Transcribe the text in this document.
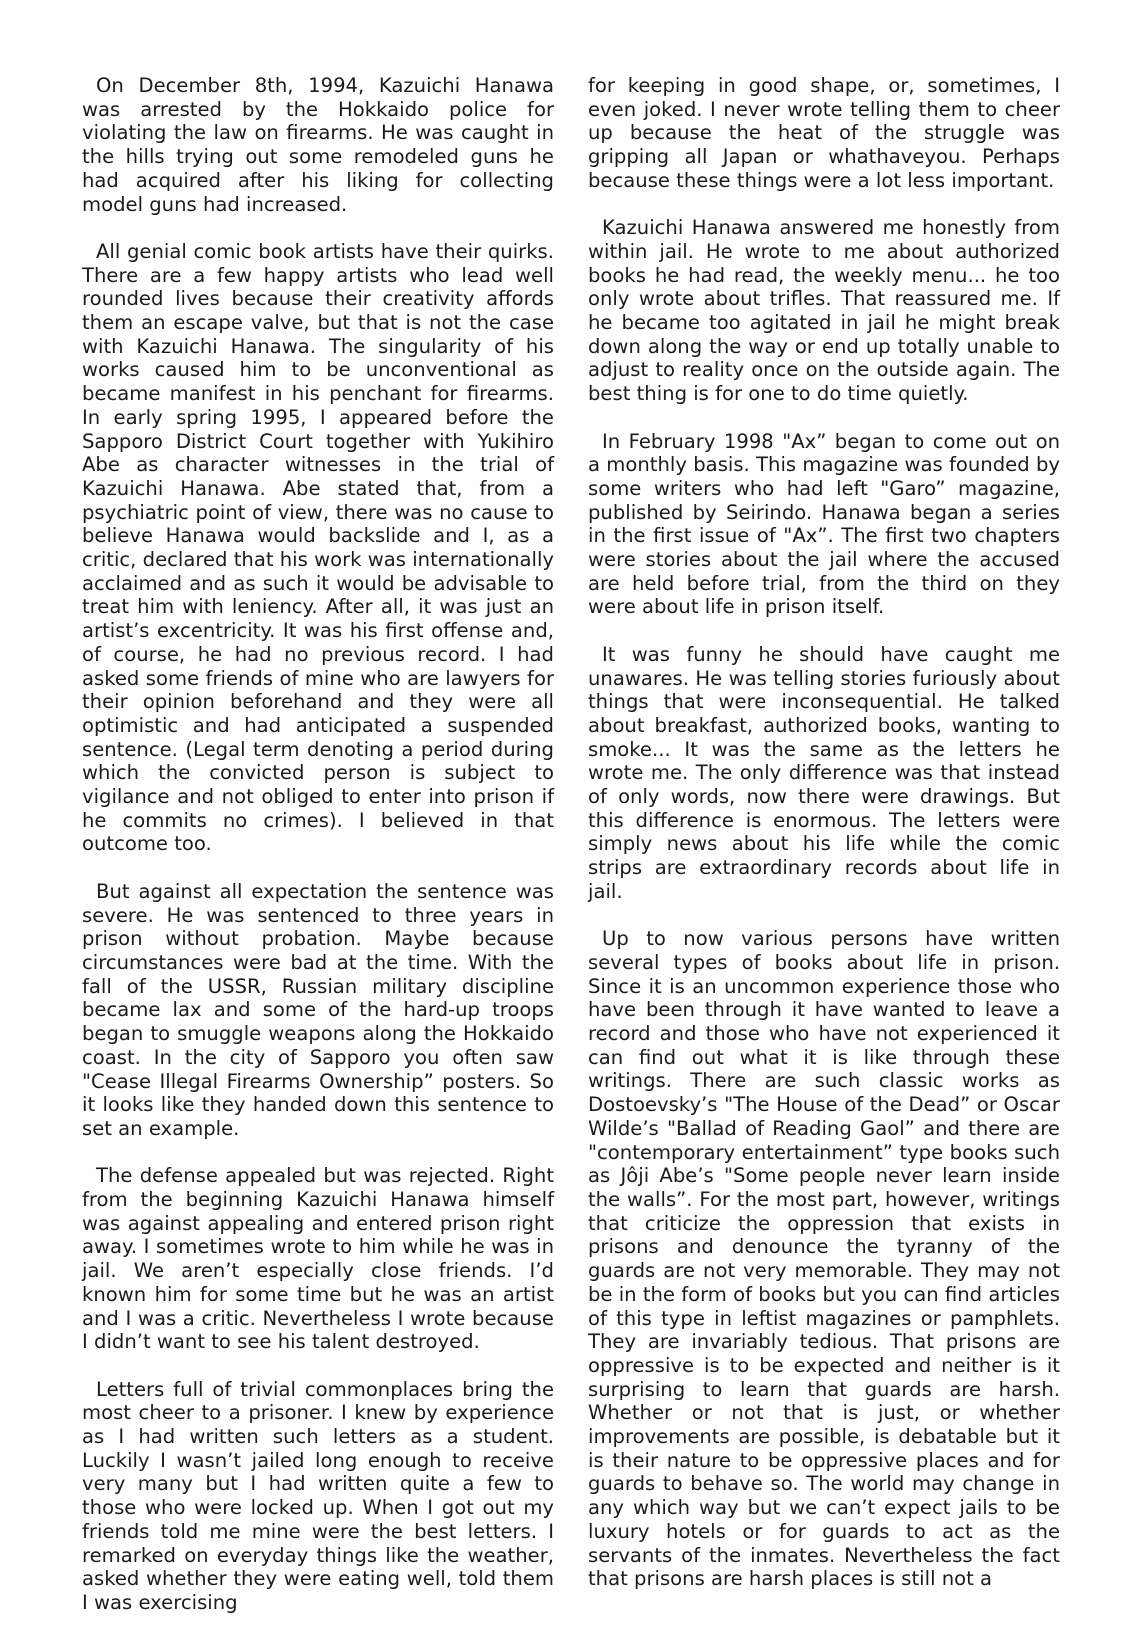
On December 8th, 1994, Kazuichi Hanawa was arrested by the Hokkaido police for violating the law on firearms. He was caught in the hills trying out some remodeled guns he had acquired after his liking for collecting model guns had increased.

All genial comic book artists have their quirks. There are a few happy artists who lead well rounded lives because their creativity affords them an escape valve, but that is not the case with Kazuichi Hanawa. The singularity of his works caused him to be unconventional as became manifest in his penchant for firearms. In early spring 1995, I appeared before the Sapporo District Court together with Yukihiro Abe as character witnesses in the trial of Kazuichi Hanawa. Abe stated that, from a psychiatric point of view, there was no cause to believe Hanawa would backslide and I, as a critic, declared that his work was internationally acclaimed and as such it would be advisable to treat him with leniency. After all, it was just an artist’s excentricity. It was his first offense and, of course, he had no previous record. I had asked some friends of mine who are lawyers for their opinion beforehand and they were all optimistic and had anticipated a suspended sentence. (Legal term denoting a period during which the convicted person is subject to vigilance and not obliged to enter into prison if he commits no crimes). I believed in that outcome too.

But against all expectation the sentence was severe. He was sentenced to three years in prison without probation. Maybe because circumstances were bad at the time. With the fall of the USSR, Russian military discipline became lax and some of the hard-up troops began to smuggle weapons along the Hokkaido coast. In the city of Sapporo you often saw "Cease Illegal Firearms Ownership” posters. So it looks like they handed down this sentence to set an example.

The defense appealed but was rejected. Right from the beginning Kazuichi Hanawa himself was against appealing and entered prison right away. I sometimes wrote to him while he was in jail. We aren’t especially close friends. I’d known him for some time but he was an artist and I was a critic. Nevertheless I wrote because I didn’t want to see his talent destroyed.

Letters full of trivial commonplaces bring the most cheer to a prisoner. I knew by experience as I had written such letters as a student. Luckily I wasn’t jailed long enough to receive very many but I had written quite a few to those who were locked up. When I got out my friends told me mine were the best letters. I remarked on everyday things like the weather, asked whether they were eating well, told them I was exercising

for keeping in good shape, or, sometimes, I even joked. I never wrote telling them to cheer up because the heat of the struggle was gripping all Japan or whathaveyou. Perhaps because these things were a lot less important.

Kazuichi Hanawa answered me honestly from within jail. He wrote to me about authorized books he had read, the weekly menu... he too only wrote about trifles. That reassured me. If he became too agitated in jail he might break down along the way or end up totally unable to adjust to reality once on the outside again. The best thing is for one to do time quietly.

In February 1998 "Ax” began to come out on a monthly basis. This magazine was founded by some writers who had left "Garo” magazine, published by Seirindo. Hanawa began a series in the first issue of "Ax”. The first two chapters were stories about the jail where the accused are held before trial, from the third on they were about life in prison itself.

It was funny he should have caught me unawares. He was telling stories furiously about things that were inconsequential. He talked about breakfast, authorized books, wanting to smoke... It was the same as the letters he wrote me. The only difference was that instead of only words, now there were drawings. But this difference is enormous. The letters were simply news about his life while the comic strips are extraordinary records about life in jail.

Up to now various persons have written several types of books about life in prison. Since it is an uncommon experience those who have been through it have wanted to leave a record and those who have not experienced it can find out what it is like through these writings. There are such classic works as Dostoevsky’s "The House of the Dead” or Oscar Wilde’s "Ballad of Reading Gaol” and there are "contemporary entertainment” type books such as Jôji Abe’s "Some people never learn inside the walls”. For the most part, however, writings that criticize the oppression that exists in prisons and denounce the tyranny of the guards are not very memorable. They may not be in the form of books but you can find articles of this type in leftist magazines or pamphlets. They are invariably tedious. That prisons are oppressive is to be expected and neither is it surprising to learn that guards are harsh. Whether or not that is just, or whether improvements are possible, is debatable but it is their nature to be oppressive places and for guards to behave so. The world may change in any which way but we can’t expect jails to be luxury hotels or for guards to act as the servants of the inmates. Nevertheless the fact that prisons are harsh places is still not a
